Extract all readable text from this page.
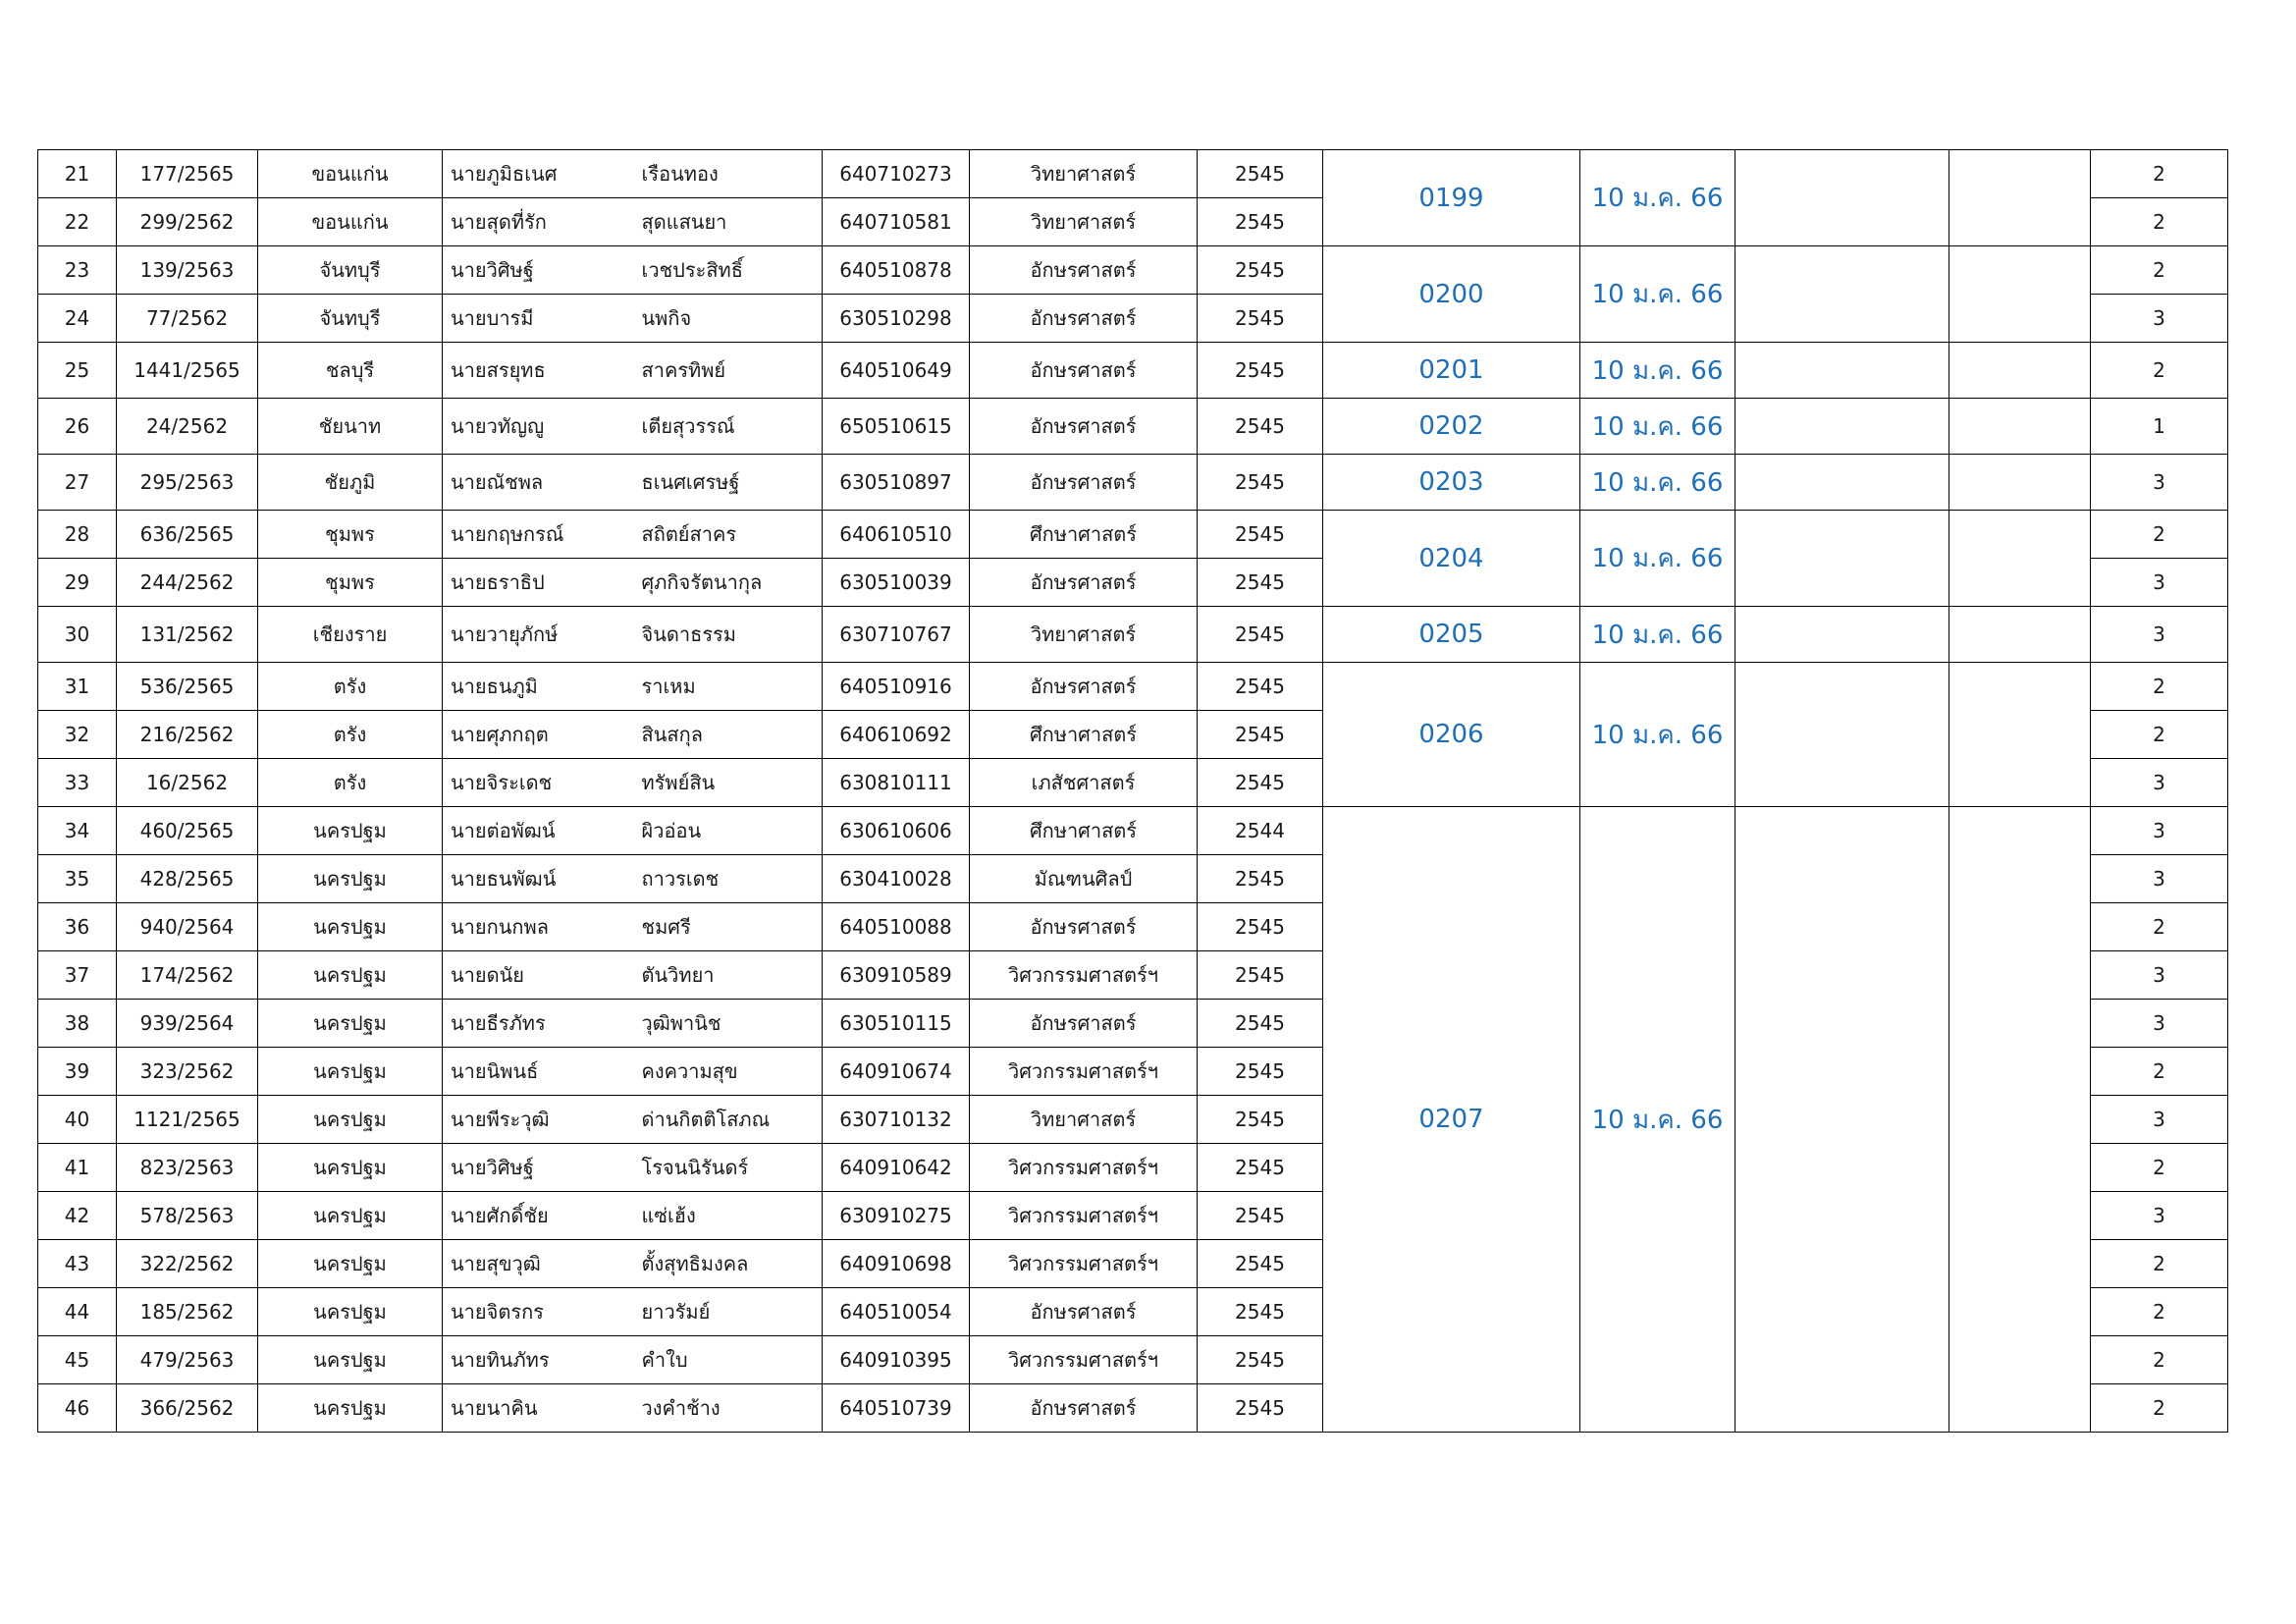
21	177/2565	ขอนแก่น	นายภูมิธเนศ	เรือนทอง	640710273	วิทยาศาสตร์	2545	0199	10 ม.ค. 66			2
22	299/2562	ขอนแก่น	นายสุดที่รัก	สุดแสนยา	640710581	วิทยาศาสตร์	2545					2
23	139/2563	จันทบุรี	นายวิศิษฐ์	เวชประสิทธิ์	640510878	อักษรศาสตร์	2545	0200	10 ม.ค. 66			2
24	77/2562	จันทบุรี	นายบารมี	นพกิจ	630510298	อักษรศาสตร์	2545					3
25	1441/2565	ชลบุรี	นายสรยุทธ	สาครทิพย์	640510649	อักษรศาสตร์	2545	0201	10 ม.ค. 66			2
26	24/2562	ชัยนาท	นายวทัญญู	เตียสุวรรณ์	650510615	อักษรศาสตร์	2545	0202	10 ม.ค. 66			1
27	295/2563	ชัยภูมิ	นายณัชพล	ธเนศเศรษฐ์	630510897	อักษรศาสตร์	2545	0203	10 ม.ค. 66			3
28	636/2565	ชุมพร	นายกฤษกรณ์	สถิตย์สาคร	640610510	ศึกษาศาสตร์	2545	0204	10 ม.ค. 66			2
29	244/2562	ชุมพร	นายธราธิป	ศุภกิจรัตนากุล	630510039	อักษรศาสตร์	2545					3
30	131/2562	เชียงราย	นายวายุภักษ์	จินดาธรรม	630710767	วิทยาศาสตร์	2545	0205	10 ม.ค. 66			3
31	536/2565	ตรัง	นายธนภูมิ	ราเหม	640510916	อักษรศาสตร์	2545	0206	10 ม.ค. 66			2
32	216/2562	ตรัง	นายศุภกฤต	สินสกุล	640610692	ศึกษาศาสตร์	2545					2
33	16/2562	ตรัง	นายจิระเดช	ทรัพย์สิน	630810111	เภสัชศาสตร์	2545					3
34	460/2565	นครปฐม	นายต่อพัฒน์	ผิวอ่อน	630610606	ศึกษาศาสตร์	2544	0207	10 ม.ค. 66			3
35	428/2565	นครปฐม	นายธนพัฒน์	ถาวรเดช	630410028	มัณฑนศิลป์	2545					3
36	940/2564	นครปฐม	นายกนกพล	ชมศรี	640510088	อักษรศาสตร์	2545					2
37	174/2562	นครปฐม	นายดนัย	ตันวิทยา	630910589	วิศวกรรมศาสตร์ฯ	2545					3
38	939/2564	นครปฐม	นายธีรภัทร	วุฒิพานิช	630510115	อักษรศาสตร์	2545					3
39	323/2562	นครปฐม	นายนิพนธ์	คงความสุข	640910674	วิศวกรรมศาสตร์ฯ	2545					2
40	1121/2565	นครปฐม	นายพีระวุฒิ	ด่านกิตติโสภณ	630710132	วิทยาศาสตร์	2545					3
41	823/2563	นครปฐม	นายวิศิษฐ์	โรจนนิรันดร์	640910642	วิศวกรรมศาสตร์ฯ	2545					2
42	578/2563	นครปฐม	นายศักดิ์ชัย	แซ่เฮ้ง	630910275	วิศวกรรมศาสตร์ฯ	2545					3
43	322/2562	นครปฐม	นายสุขวุฒิ	ตั้งสุทธิมงคล	640910698	วิศวกรรมศาสตร์ฯ	2545					2
44	185/2562	นครปฐม	นายจิตรกร	ยาวรัมย์	640510054	อักษรศาสตร์	2545					2
45	479/2563	นครปฐม	นายทินภัทร	คำใบ	640910395	วิศวกรรมศาสตร์ฯ	2545					2
46	366/2562	นครปฐม	นายนาคิน	วงคำช้าง	640510739	อักษรศาสตร์	2545					2
